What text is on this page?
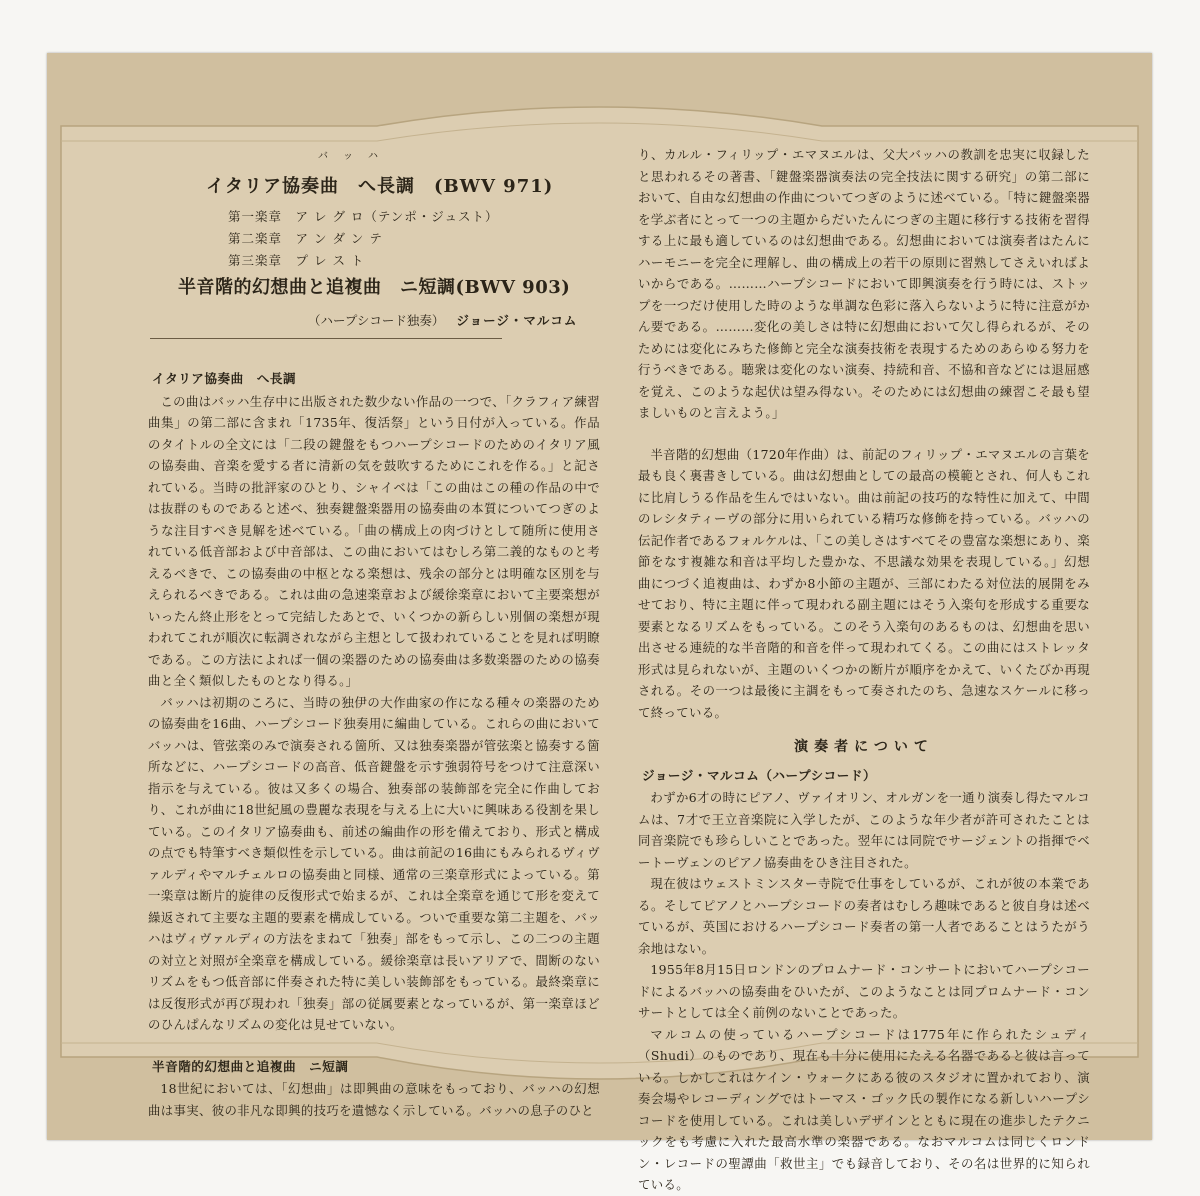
バッハ
イタリア協奏曲　へ長調　(BWV 971)
第一楽章　ア レ グ ロ（テンポ・ジュスト）
第二楽章　ア ン ダ ン テ
第三楽章　プ レ ス ト
半音階的幻想曲と追複曲　ニ短調(BWV 903)
（ハープシコード独奏） ジョージ・マルコム
イタリア協奏曲　へ長調

この曲はバッハ生存中に出版された数少ない作品の一つで、「クラフィア練習曲集」の第二部に含まれ「1735年、復活祭」という日付が入っている。作品のタイトルの全文には「二段の鍵盤をもつハープシコードのためのイタリア風の協奏曲、音楽を愛する者に清新の気を鼓吹するためにこれを作る。」と記されている。当時の批評家のひとり、シャイベは「この曲はこの種の作品の中では抜群のものであると述べ、独奏鍵盤楽器用の協奏曲の本質についてつぎのような注目すべき見解を述べている。「曲の構成上の肉づけとして随所に使用されている低音部および中音部は、この曲においてはむしろ第二義的なものと考えるべきで、この協奏曲の中枢となる楽想は、残余の部分とは明確な区別を与えられるべきである。これは曲の急速楽章および緩徐楽章において主要楽想がいったん終止形をとって完結したあとで、いくつかの新らしい別個の楽想が現われてこれが順次に転調されながら主想として扱われていることを見れば明瞭である。この方法によれば一個の楽器のための協奏曲は多数楽器のための協奏曲と全く類似したものとなり得る。」

バッハは初期のころに、当時の独伊の大作曲家の作になる種々の楽器のための協奏曲を16曲、ハープシコード独奏用に編曲している。これらの曲においてバッハは、管弦楽のみで演奏される箇所、又は独奏楽器が管弦楽と協奏する箇所などに、ハープシコードの高音、低音鍵盤を示す強弱符号をつけて注意深い指示を与えている。彼は又多くの場合、独奏部の装飾部を完全に作曲しており、これが曲に18世紀風の豊麗な表現を与える上に大いに興味ある役割を果している。このイタリア協奏曲も、前述の編曲作の形を備えており、形式と構成の点でも特筆すべき類似性を示している。曲は前記の16曲にもみられるヴィヴァルディやマルチェルロの協奏曲と同様、通常の三楽章形式によっている。第一楽章は断片的旋律の反復形式で始まるが、これは全楽章を通じて形を変えて繰返されて主要な主題的要素を構成している。ついで重要な第二主題を、バッハはヴィヴァルディの方法をまねて「独奏」部をもって示し、この二つの主題の対立と対照が全楽章を構成している。緩徐楽章は長いアリアで、間断のないリズムをもつ低音部に伴奏された特に美しい装飾部をもっている。最終楽章には反復形式が再び現われ「独奏」部の従属要素となっているが、第一楽章ほどのひんぱんなリズムの変化は見せていない。

半音階的幻想曲と追複曲　ニ短調

18世紀においては、「幻想曲」は即興曲の意味をもっており、バッハの幻想曲は事実、彼の非凡な即興的技巧を遺憾なく示している。バッハの息子のひと

り、カルル・フィリップ・エマヌエルは、父大バッハの教訓を忠実に収録したと思われるその著書、「鍵盤楽器演奏法の完全技法に関する研究」の第二部において、自由な幻想曲の作曲についてつぎのように述べている。「特に鍵盤楽器を学ぶ者にとって一つの主題からだいたんにつぎの主題に移行する技術を習得する上に最も適しているのは幻想曲である。幻想曲においては演奏者はたんにハーモニーを完全に理解し、曲の構成上の若干の原則に習熟してさえいればよいからである。………ハープシコードにおいて即興演奏を行う時には、ストップを一つだけ使用した時のような単調な色彩に落入らないように特に注意がかん要である。………変化の美しさは特に幻想曲において欠し得られるが、そのためには変化にみちた修飾と完全な演奏技術を表現するためのあらゆる努力を行うべきである。聴衆は変化のない演奏、持続和音、不協和音などには退屈感を覚え、このような起伏は望み得ない。そのためには幻想曲の練習こそ最も望ましいものと言えよう。」

半音階的幻想曲（1720年作曲）は、前記のフィリップ・エマヌエルの言葉を最も良く裏書きしている。曲は幻想曲としての最高の模範とされ、何人もこれに比肩しうる作品を生んではいない。曲は前記の技巧的な特性に加えて、中間のレシタティーヴの部分に用いられている精巧な修飾を持っている。バッハの伝記作者であるフォルケルは、「この美しさはすべてその豊富な楽想にあり、楽節をなす複雑な和音は平均した豊かな、不思議な効果を表現している。」幻想曲につづく追複曲は、わずか8小節の主題が、三部にわたる対位法的展開をみせており、特に主題に伴って現われる副主題にはそう入楽句を形成する重要な要素となるリズムをもっている。このそう入楽句のあるものは、幻想曲を思い出させる連続的な半音階的和音を伴って現われてくる。この曲にはストレッタ形式は見られないが、主題のいくつかの断片が順序をかえて、いくたびか再現される。その一つは最後に主調をもって奏されたのち、急速なスケールに移って終っている。

演奏者について
ジョージ・マルコム（ハープシコード）

わずか6才の時にピアノ、ヴァイオリン、オルガンを一通り演奏し得たマルコムは、7才で王立音楽院に入学したが、このような年少者が許可されたことは同音楽院でも珍らしいことであった。翌年には同院でサージェントの指揮でベートーヴェンのピアノ協奏曲をひき注目された。

現在彼はウェストミンスター寺院で仕事をしているが、これが彼の本業である。そしてピアノとハープシコードの奏者はむしろ趣味であると彼自身は述べているが、英国におけるハープシコード奏者の第一人者であることはうたがう余地はない。

1955年8月15日ロンドンのプロムナード・コンサートにおいてハープシコードによるバッハの協奏曲をひいたが、このようなことは同プロムナード・コンサートとしては全く前例のないことであった。

マルコムの使っているハープシコードは1775年に作られたシュディ（Shudi）のものであり、現在も十分に使用にたえる名器であると彼は言っている。しかしこれはケイン・ウォークにある彼のスタジオに置かれており、演奏会場やレコーディングではトーマス・ゴック氏の製作になる新しいハープシコードを使用している。これは美しいデザインとともに現在の進歩したテクニックをも考慮に入れた最高水準の楽器である。なおマルコムは同じくロンドン・レコードの聖譚曲「救世主」でも録音しており、その名は世界的に知られている。
